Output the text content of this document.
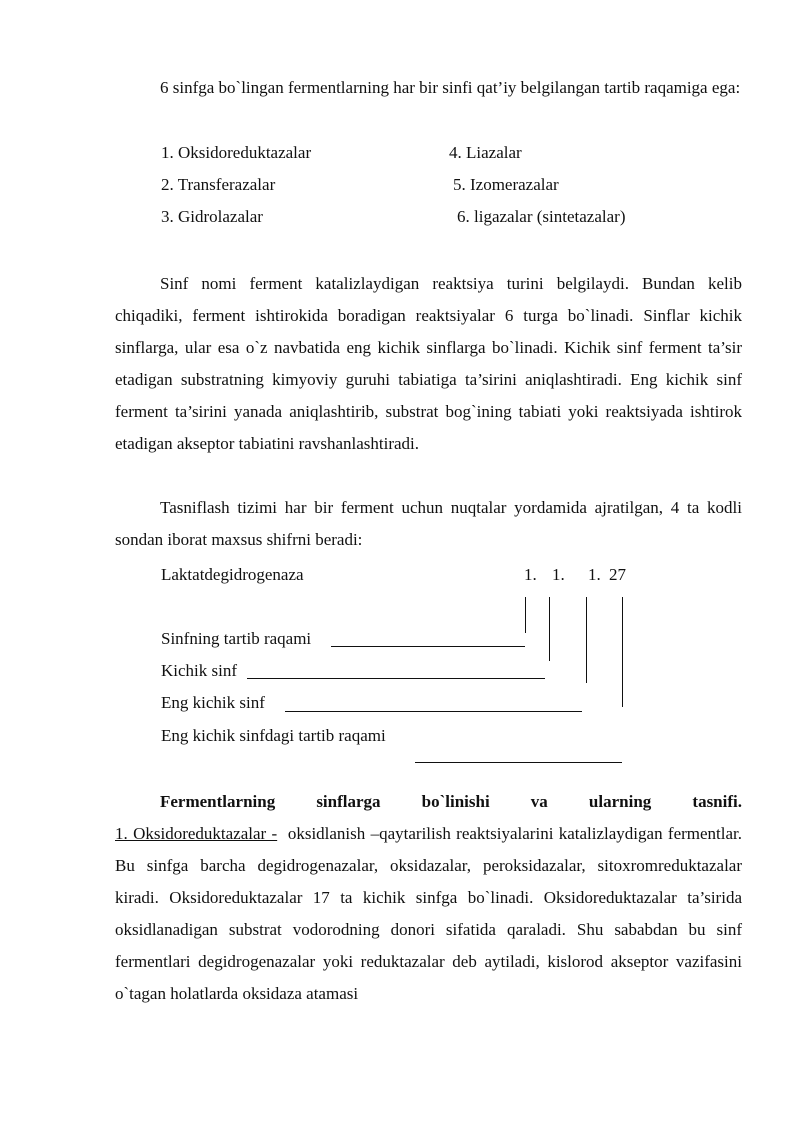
6 sinfga bo`lingan fermentlarning har bir sinfi qat’iy belgilangan tartib raqamiga ega:

1. Oksidoreduktazalar
2. Transferazalar
3. Gidrolazalar
4. Liazalar
5. Izomerazalar
6. ligazalar (sintetazalar)

Sinf nomi ferment katalizlaydigan reaktsiya turini belgilaydi. Bundan kelib chiqadiki, ferment ishtirokida boradigan reaktsiyalar 6 turga bo`linadi. Sinflar kichik sinflarga, ular esa o`z navbatida eng kichik sinflarga bo`linadi. Kichik sinf ferment ta’sir etadigan substratning kimyoviy guruhi tabiatiga ta’sirini aniqlashtiradi. Eng kichik sinf ferment ta’sirini yanada aniqlashtirib, substrat bog`ining tabiati yoki reaktsiyada ishtirok etadigan akseptor tabiatini ravshanlashtiradi.

Tasniflash tizimi har bir ferment uchun nuqtalar yordamida ajratilgan, 4 ta kodli sondan iborat maxsus shifrni beradi:

Laktatdegidrogenaza	1. 1. 1. 27
Sinfning tartib raqami
Kichik sinf
Eng kichik sinf
Eng kichik sinfdagi tartib raqami
Fermentlarning sinflarga bo`linishi va ularning tasnifi.

1. Oksidoreduktazalar - oksidlanish –qaytarilish reaktsiyalarini katalizlaydigan fermentlar. Bu sinfga barcha degidrogenazalar, oksidazalar, peroksidazalar, sitoxromreduktazalar kiradi. Oksidoreduktazalar 17 ta kichik sinfga bo`linadi. Oksidoreduktazalar ta’sirida oksidlanadigan substrat vodorodning donori sifatida qaraladi. Shu sababdan bu sinf fermentlari degidrogenazalar yoki reduktazalar deb aytiladi, kislorod akseptor vazifasini o`tagan holatlarda oksidaza atamasi
